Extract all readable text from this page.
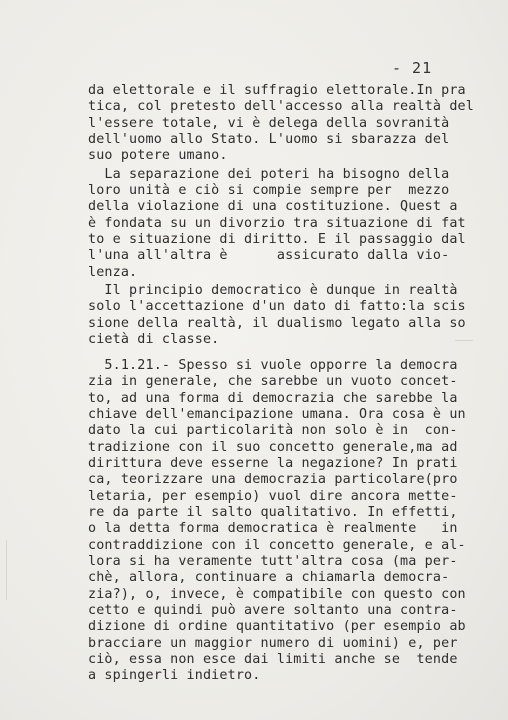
- 21
da elettorale e il suffragio elettorale.In pra
tica, col pretesto dell'accesso alla realtà del
l'essere totale, vi è delega della sovranità
dell'uomo allo Stato. L'uomo si sbarazza del
suo potere umano.
La separazione dei poteri ha bisogno della
loro unità e ciò si compie sempre per  mezzo
della violazione di una costituzione. Quest a
è fondata su un divorzio tra situazione di fat
to e situazione di diritto. E il passaggio dal
l'una all'altra è      assicurato dalla vio-
lenza.
Il principio democratico è dunque in realtà
solo l'accettazione d'un dato di fatto:la scis
sione della realtà, il dualismo legato alla so
cietà di classe.
5.1.21.- Spesso si vuole opporre la democra
zia in generale, che sarebbe un vuoto concet-
to, ad una forma di democrazia che sarebbe la
chiave dell'emancipazione umana. Ora cosa è un
dato la cui particolarità non solo è in  con-
tradizione con il suo concetto generale,ma ad
dirittura deve esserne la negazione? In prati
ca, teorizzare una democrazia particolare(pro
letaria, per esempio) vuol dire ancora mette-
re da parte il salto qualitativo. In effetti,
o la detta forma democratica è realmente   in
contraddizione con il concetto generale, e al-
lora si ha veramente tutt'altra cosa (ma per-
chè, allora, continuare a chiamarla democra-
zia?), o, invece, è compatibile con questo con
cetto e quindi può avere soltanto una contra-
dizione di ordine quantitativo (per esempio ab
bracciare un maggior numero di uomini) e, per
ciò, essa non esce dai limiti anche se  tende
a spingerli indietro.
